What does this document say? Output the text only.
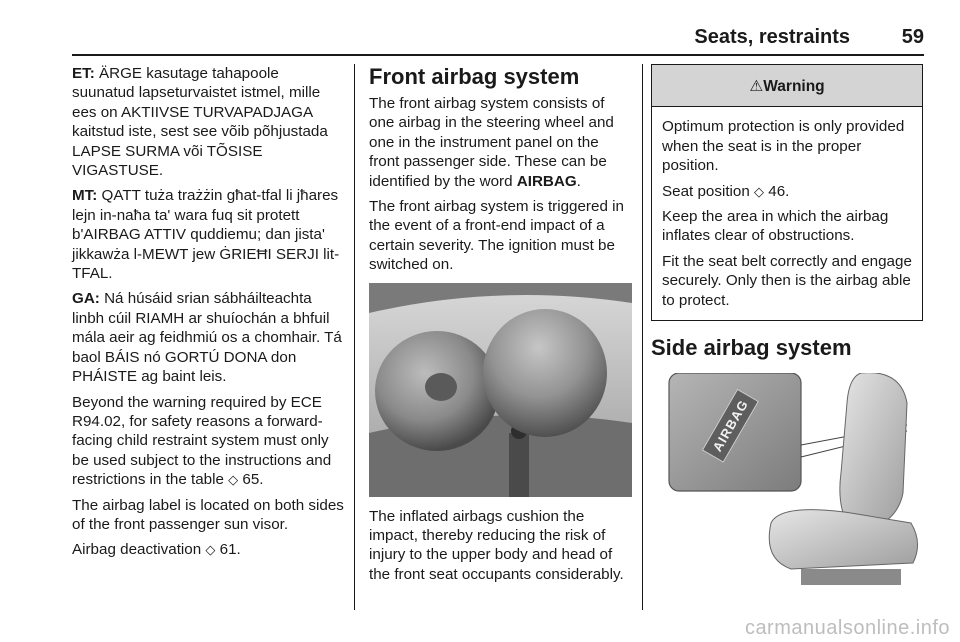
Seats, restraints	59

ET: ÄRGE kasutage tahapoole suunatud lapseturvaistet istmel, mille ees on AKTIIVSE TURVAPADJAGA kaitstud iste, sest see võib põhjustada LAPSE SURMA või TÕSISE VIGASTUSE.

MT: QATT tuża trażżin għat-tfal li jħares lejn in-naħa ta' wara fuq sit protett b'AIRBAG ATTIV quddiemu; dan jista' jikkawża l-MEWT jew ĠRIEĦI SERJI lit-TFAL.

GA: Ná húsáid srian sábháilteachta linbh cúil RIAMH ar shuíochán a bhfuil mála aeir ag feidhmiú os a chomhair. Tá baol BÁIS nó GORTÚ DONA don PHÁISTE ag baint leis.

Beyond the warning required by ECE R94.02, for safety reasons a forward-facing child restraint system must only be used subject to the instructions and restrictions in the table ◇ 65.

The airbag label is located on both sides of the front passenger sun visor.

Airbag deactivation ◇ 61.

Front airbag system

The front airbag system consists of one airbag in the steering wheel and one in the instrument panel on the front passenger side. These can be identified by the word AIRBAG.

The front airbag system is triggered in the event of a front-end impact of a certain severity. The ignition must be switched on.

The inflated airbags cushion the impact, thereby reducing the risk of injury to the upper body and head of the front seat occupants considerably.

⚠Warning

Optimum protection is only provided when the seat is in the proper position.

Seat position ◇ 46.

Keep the area in which the airbag inflates clear of obstructions.

Fit the seat belt correctly and engage securely. Only then is the airbag able to protect.

Side airbag system
AIRBAG
carmanualsonline.info
